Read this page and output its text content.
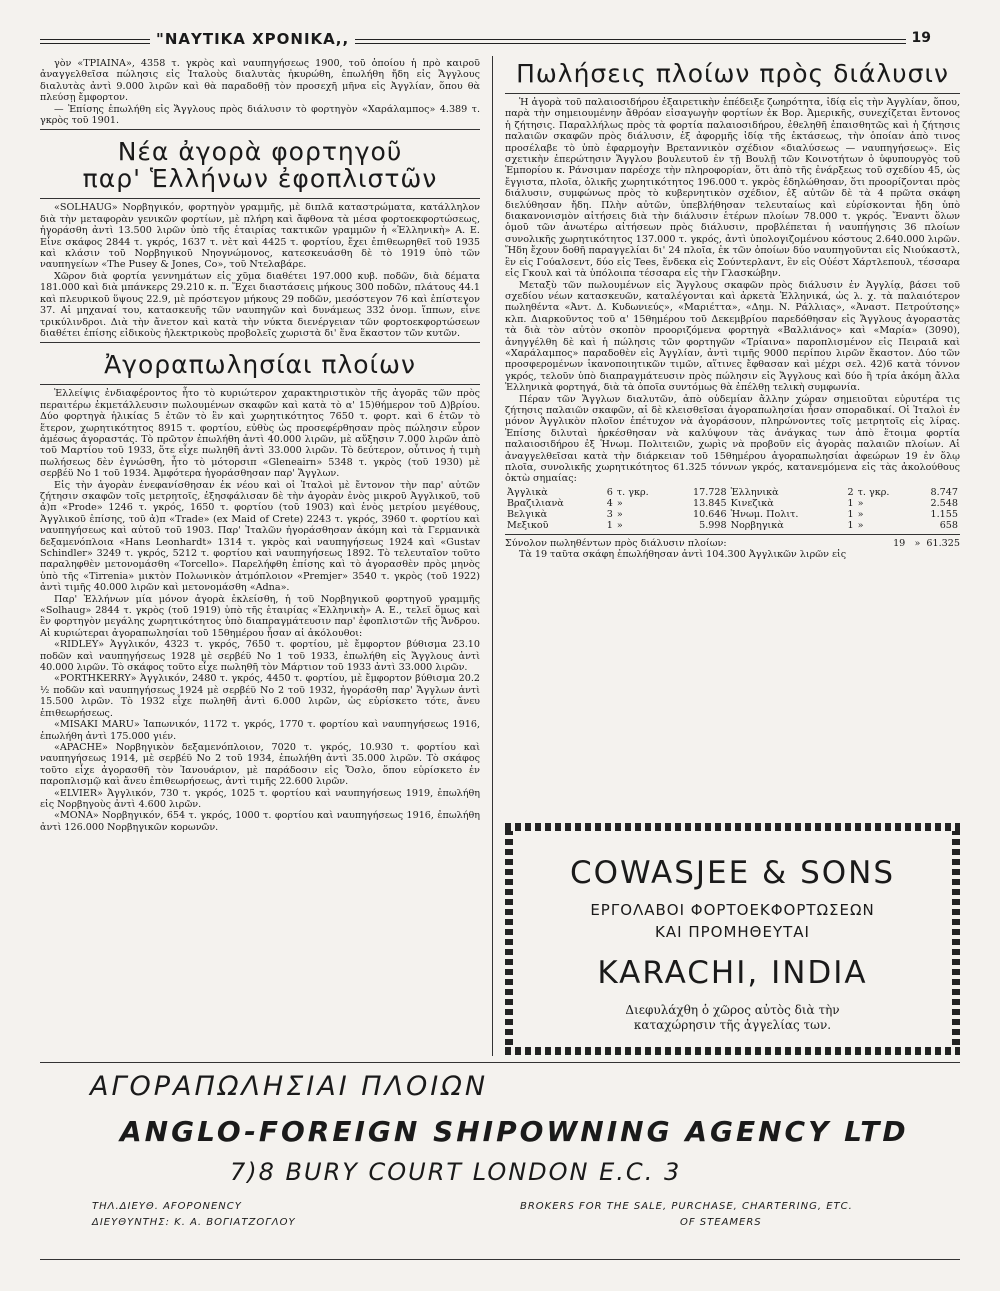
"ΝΑΥΤΙΚΑ ΧΡΟΝΙΚΑ,,	19

γὸν «ΤΡΙΑΙΝΑ», 4358 τ. γκρὸς καὶ ναυπηγήσεως 1900, τοῦ ὁποίου ἡ πρὸ καιροῦ ἀναγγελθεῖσα πώλησις εἰς Ἰταλοὺς διαλυτὰς ἠκυρώθη, ἐπωλήθη ἤδη εἰς Ἄγγλους διαλυτὰς ἀντὶ 9.000 λιρῶν καὶ θὰ παραδοθῇ τὸν προσεχῆ μῆνα εἰς Ἀγγλίαν, ὅπου θὰ πλεύσῃ ἔμφορτον.

— Ἐπίσης ἐπωλήθη εἰς Ἄγγλους πρὸς διάλυσιν τὸ φορτηγὸν «Χαράλαμπος» 4.389 τ. γκρὸς τοῦ 1901.

Νέα ἀγορὰ φορτηγοῦ
παρ' Ἑλλήνων ἐφοπλιστῶν

«SOLHAUG» Νορβηγικόν, φορτηγὸν γραμμῆς, μὲ διπλᾶ καταστρώματα, κατάλληλον διὰ τὴν μεταφορὰν γενικῶν φορτίων, μὲ πλήρη καὶ ἄφθονα τὰ μέσα φορτοεκφορτώσεως, ἠγοράσθη ἀντὶ 13.500 λιρῶν ὑπὸ τῆς ἑταιρίας τακτικῶν γραμμῶν ἡ «Ἑλληνικὴ» Α. Ε. Εἶνε σκάφος 2844 τ. γκρός, 1637 τ. νὲτ καὶ 4425 τ. φορτίου, ἔχει ἐπιθεωρηθεῖ τοῦ 1935 καὶ κλάσιν τοῦ Νορβηγικοῦ Νηογνώμονος, κατεσκευάσθη δὲ τὸ 1919 ὑπὸ τῶν ναυπηγείων «The Pusey & Jones, Co», τοῦ Ντελαβάρε.

Χῶρον διὰ φορτία γεννημάτων εἰς χῦμα διαθέτει 197.000 κυβ. ποδῶν, διὰ δέματα 181.000 καὶ διὰ μπάνκερς 29.210 κ. π. Ἔχει διαστάσεις μήκους 300 ποδῶν, πλάτους 44.1 καὶ πλευρικοῦ ὕψους 22.9, μὲ πρόστεγον μήκους 29 ποδῶν, μεσόστεγον 76 καὶ ἐπίστεγον 37. Αἱ μηχαναί του, κατασκευῆς τῶν ναυπηγῶν καὶ δυνάμεως 332 ὀνομ. ἵππων, εἶνε τρικύλινδροι. Διὰ τὴν ἄνετον καὶ κατὰ τὴν νύκτα διενέργειαν τῶν φορτοεκφορτώσεων διαθέτει ἐπίσης εἰδικοὺς ἠλεκτρικοὺς προβολεῖς χωριστὰ δι' ἕνα ἕκαστον τῶν κυτῶν.

Ἀγοραπωλησίαι πλοίων

Ἐλλείψις ἐνδιαφέροντος ἦτο τὸ κυριώτερον χαρακτηριστικὸν τῆς ἀγορᾶς τῶν πρὸς περαιτέρω ἐκμετάλλευσιν πωλουμένων σκαφῶν καὶ κατὰ τὸ α' 15)θήμερον τοῦ Δ)βρίου. Δύο φορτηγὰ ἡλικίας 5 ἐτῶν τὸ ἓν καὶ χωρητικότητος 7650 τ. φορτ. καὶ 6 ἐτῶν τὸ ἕτερον, χωρητικότητος 8915 τ. φορτίου, εὐθὺς ὡς προσεφέρθησαν πρὸς πώλησιν εὗρον ἀμέσως ἀγοραστάς. Τὸ πρῶτον ἐπωλήθη ἀντὶ 40.000 λιρῶν, μὲ αὔξησιν 7.000 λιρῶν ἀπὸ τοῦ Μαρτίου τοῦ 1933, ὅτε εἶχε πωληθῆ ἀντὶ 33.000 λιρῶν. Τὸ δεύτερον, οὗτινος ἡ τιμὴ πωλήσεως δὲν ἐγνώσθη, ἦτο τὸ μότορσιπ «Gleneairn» 5348 τ. γκρὸς (τοῦ 1930) μὲ σερβέϋ Νο 1 τοῦ 1934. Ἀμφότερα ἠγοράσθησαν παρ' Ἄγγλων.

Εἰς τὴν ἀγορὰν ἐνεφανίσθησαν ἐκ νέου καὶ οἱ Ἰταλοὶ μὲ ἔντονον τὴν παρ' αὐτῶν ζήτησιν σκαφῶν τοῖς μετρητοῖς, ἐξησφάλισαν δὲ τὴν ἀγορὰν ἑνὸς μικροῦ Ἀγγλικοῦ, τοῦ ἀ)π «Prode» 1246 τ. γκρός, 1650 τ. φορτίου (τοῦ 1903) καὶ ἑνὸς μετρίου μεγέθους, Ἀγγλικοῦ ἐπίσης, τοῦ ἀ)π «Trade» (ex Maid of Crete) 2243 τ. γκρός, 3960 τ. φορτίου καὶ ναυπηγήσεως καὶ αὐτοῦ τοῦ 1903. Παρ' Ἰταλῶν ἠγοράσθησαν ἀκόμη καὶ τὰ Γερμανικὰ δεξαμενόπλοια «Hans Leonhardt» 1314 τ. γκρὸς καὶ ναυπηγήσεως 1924 καὶ «Gustav Schindler» 3249 τ. γκρός, 5212 τ. φορτίου καὶ ναυπηγήσεως 1892. Τὸ τελευταῖον τοῦτο παραληφθὲν μετονομάσθη «Torcello». Παρελήφθη ἐπίσης καὶ τὸ ἀγορασθὲν πρὸς μηνὸς ὑπὸ τῆς «Tirrenia» μικτὸν Πολωνικὸν ἀτμόπλοιον «Premjer» 3540 τ. γκρὸς (τοῦ 1922) ἀντὶ τιμῆς 40.000 λιρῶν καὶ μετονομάσθη «Adna».

Παρ' Ἑλλήνων μία μόνον ἀγορὰ ἐκλείσθη, ἡ τοῦ Νορβηγικοῦ φορτηγοῦ γραμμῆς «Solhaug» 2844 τ. γκρὸς (τοῦ 1919) ὑπὸ τῆς ἑταιρίας «Ἑλληνικὴ» Α. Ε., τελεῖ ὅμως καὶ ἓν φορτηγὸν μεγάλης χωρητικότητος ὑπὸ διαπραγμάτευσιν παρ' ἐφοπλιστῶν τῆς Ἄνδρου. Αἱ κυριώτεραι ἀγοραπωλησίαι τοῦ 15θημέρου ἦσαν αἱ ἀκόλουθοι:

«RIDLEY» Ἀγγλικόν, 4323 τ. γκρός, 7650 τ. φορτίου, μὲ ἔμφορτον βύθισμα 23.10 ποδῶν καὶ ναυπηγήσεως 1928 μὲ σερβέϋ Νο 1 τοῦ 1933, ἐπωλήθη εἰς Ἄγγλους ἀντὶ 40.000 λιρῶν. Τὸ σκάφος τοῦτο εἶχε πωληθῆ τὸν Μάρτιον τοῦ 1933 ἀντὶ 33.000 λιρῶν.

«PORTHKERRY» Ἀγγλικόν, 2480 τ. γκρός, 4450 τ. φορτίου, μὲ ἔμφορτον βύθισμα 20.2 ½ ποδῶν καὶ ναυπηγήσεως 1924 μὲ σερβέϋ Νο 2 τοῦ 1932, ἠγοράσθη παρ' Ἄγγλων ἀντὶ 15.500 λιρῶν. Τὸ 1932 εἶχε πωληθῆ ἀντὶ 6.000 λιρῶν, ὡς εὑρίσκετο τότε, ἄνευ ἐπιθεωρήσεως.

«MISAKI MARU» Ἰαπωνικόν, 1172 τ. γκρός, 1770 τ. φορτίου καὶ ναυπηγήσεως 1916, ἐπωλήθη ἀντὶ 175.000 γιέν.

«APACHE» Νορβηγικὸν δεξαμενόπλοιον, 7020 τ. γκρός, 10.930 τ. φορτίου καὶ ναυπηγήσεως 1914, μὲ σερβέϋ Νο 2 τοῦ 1934, ἐπωλήθη ἀντὶ 35.000 λιρῶν. Τὸ σκάφος τοῦτο εἶχε ἀγορασθῆ τὸν Ἰανουάριον, μὲ παράδοσιν εἰς Ὄσλο, ὅπου εὑρίσκετο ἐν παροπλισμῷ καὶ ἄνευ ἐπιθεωρήσεως, ἀντὶ τιμῆς 22.600 λιρῶν.

«ELVIER» Ἀγγλικόν, 730 τ. γκρός, 1025 τ. φορτίου καὶ ναυπηγήσεως 1919, ἐπωλήθη εἰς Νορβηγοὺς ἀντὶ 4.600 λιρῶν.

«MONA» Νορβηγικόν, 654 τ. γκρός, 1000 τ. φορτίου καὶ ναυπηγήσεως 1916, ἐπωλήθη ἀντὶ 126.000 Νορβηγικῶν κορωνῶν.

Πωλήσεις πλοίων πρὸς διάλυσιν

Ἡ ἀγορὰ τοῦ παλαιοσιδήρου ἐξαιρετικὴν ἐπέδειξε ζωηρότητα, ἰδίᾳ εἰς τὴν Ἀγγλίαν, ὅπου, παρὰ τὴν σημειουμένην ἄθρόαν εἰσαγωγὴν φορτίων ἐκ Βορ. Ἀμερικῆς, συνεχίζεται ἔντονος ἡ ζήτησις. Παραλλήλως πρὸς τὰ φορτία παλαιοσιδήρου, ἐθεληθῆ ἐπαισθητῶς καὶ ἡ ζήτησις παλαιῶν σκαφῶν πρὸς διάλυσιν, ἐξ ἀφορμῆς ἰδίᾳ τῆς ἐκτάσεως, τὴν ὁποίαν ἀπὸ τινος προσέλαβε τὸ ὑπὸ ἐφαρμογὴν Βρεταννικὸν σχέδιον «διαλύσεως — ναυπηγήσεως». Εἰς σχετικὴν ἐπερώτησιν Ἄγγλου βουλευτοῦ ἐν τῇ Βουλῇ τῶν Κοινοτήτων ὁ ὑφυπουργὸς τοῦ Ἐμπορίου κ. Ράνσιμαν παρέσχε τὴν πληροφορίαν, ὅτι ἀπὸ τῆς ἐνάρξεως τοῦ σχεδίου 45, ὡς ἔγγιστα, πλοῖα, ὁλικῆς χωρητικότητος 196.000 τ. γκρὸς ἐδηλώθησαν, ὅτι προορίζονται πρὸς διάλυσιν, συμφώνως πρὸς τὸ κυβερνητικὸν σχέδιον, ἐξ αὐτῶν δὲ τὰ 4 πρῶτα σκάφη διελύθησαν ἤδη. Πλὴν αὐτῶν, ὑπεβλήθησαν τελευταίως καὶ εὑρίσκονται ἤδη ὑπὸ διακανονισμὸν αἰτήσεις διὰ τὴν διάλυσιν ἑτέρων πλοίων 78.000 τ. γκρός. Ἔναντι ὅλων ὁμοῦ τῶν ἀνωτέρω αἰτήσεων πρὸς διάλυσιν, προβλέπεται ἡ ναυπήγησις 36 πλοίων συνολικῆς χωρητικότητος 137.000 τ. γκρός, ἀντὶ ὑπολογιζομένου κόστους 2.640.000 λιρῶν. Ἤδη ἔχουν δοθῆ παραγγελίαι δι' 24 πλοῖα, ἐκ τῶν ὁποίων δύο ναυπηγοῦνται εἰς Νιούκαστλ, ἓν εἰς Γούαλσεντ, δύο εἰς Tees, ἕνδεκα εἰς Σούντερλαντ, ἓν εἰς Οὐέστ Χάρτλεπουλ, τέσσαρα εἰς Γκουλ καὶ τὰ ὑπόλοιπα τέσσαρα εἰς τὴν Γλασκώβην.

Μεταξὺ τῶν πωλουμένων εἰς Ἄγγλους σκαφῶν πρὸς διάλυσιν ἐν Ἀγγλίᾳ, βάσει τοῦ σχεδίου νέων κατασκευῶν, καταλέγονται καὶ ἀρκετὰ Ἑλληνικά, ὡς λ. χ. τὰ παλαιότερον πωληθέντα «Ἀντ. Δ. Κυδωνιεύς», «Μαριέττα», «Δημ. Ν. Ράλλιας», «Ἀναστ. Πετρούτσης» κλπ. Διαρκοῦντος τοῦ α' 15θημέρου τοῦ Δεκεμβρίου παρεδόθησαν εἰς Ἄγγλους ἀγοραστὰς τὰ διὰ τὸν αὐτὸν σκοπὸν προοριζόμενα φορτηγὰ «Βαλλιάνος» καὶ «Μαρία» (3090), ἀνηγγέλθη δὲ καὶ ἡ πώλησις τῶν φορτηγῶν «Τρίαινα» παροπλισμένον εἰς Πειραιᾶ καὶ «Χαράλαμπος» παραδοθὲν εἰς Ἀγγλίαν, ἀντὶ τιμῆς 9000 περίπου λιρῶν ἕκαστον. Δύο τῶν προσφερομένων ἱκανοποιητικῶν τιμῶν, αἵτινες ἔφθασαν καὶ μέχρι σελ. 42)6 κατὰ τόννον γκρός, τελοῦν ὑπὸ διαπραγμάτευσιν πρὸς πώλησιν εἰς Ἄγγλους καὶ δύο ἢ τρία ἀκόμη ἄλλα Ἑλληνικὰ φορτηγά, διὰ τὰ ὁποῖα συντόμως θὰ ἐπέλθῃ τελικὴ συμφωνία.

Πέραν τῶν Ἄγγλων διαλυτῶν, ἀπὸ οὐδεμίαν ἄλλην χώραν σημειοῦται εὐρυτέρα τις ζήτησις παλαιῶν σκαφῶν, αἱ δὲ κλεισθεῖσαι ἀγοραπωλησίαι ἦσαν σποραδικαί. Οἱ Ἰταλοὶ ἐν μόνον Ἀγγλικὸν πλοῖον ἐπέτυχον νὰ ἀγοράσουν, πληρώνοντες τοῖς μετρητοῖς εἰς λίρας. Ἐπίσης διλυταὶ ἠρκέσθησαν νὰ καλύψουν τὰς ἀνάγκας των ἀπὸ ἕτοιμα φορτία παλαιοσιδήρου ἐξ Ἡνωμ. Πολιτειῶν, χωρὶς νὰ προβοῦν εἰς ἀγορὰς παλαιῶν πλοίων. Αἱ ἀναγγελθεῖσαι κατὰ τὴν διάρκειαν τοῦ 15θημέρου ἀγοραπωλησίαι ἀφεώρων 19 ἐν ὅλῳ πλοῖα, συνολικῆς χωρητικότητος 61.325 τόννων γκρός, κατανεμόμενα εἰς τὰς ἀκολούθους ὀκτὼ σημαίας:

Ἀγγλικὰ	6	τ. γκρ.	17.728	Ἑλληνικὰ	2	τ. γκρ.	8.747
Βραζιλιανὰ	4	»	13.845	Κινεζικὰ	1	»	2.548
Βελγικὰ	3	»	10.646	Ἡνωμ. Πολιτ.	1	»	1.155
Μεξικοῦ	1	»	5.998	Νορβηγικὰ	1	»	658
Σύνολον πωληθέντων πρὸς διάλυσιν πλοίων:	19 » 61.325

Τὰ 19 ταῦτα σκάφη ἐπωλήθησαν ἀντὶ 104.300 Ἀγγλικῶν λιρῶν εἰς

COWASJEE & SONS
ΕΡΓΟΛΑΒΟΙ ΦΟΡΤΟΕΚΦΟΡΤΩΣΕΩΝ
ΚΑΙ ΠΡΟΜΗΘΕΥΤΑΙ
KARACHI, INDIA
Διεφυλάχθη ὁ χῶρος αὐτὸς διὰ τὴν
καταχώρησιν τῆς ἀγγελίας των.
ΑΓΟΡΑΠΩΛΗΣΙΑΙ ΠΛΟΙΩΝ
ANGLO-FOREIGN SHIPOWNING AGENCY LTD
7)8 BURY COURT LONDON E.C. 3
ΤΗΛ.ΔΙΕΥΘ. AFOPONENCY
ΔΙΕΥΘΥΝΤΗΣ: Κ. Α. ΒΟΓΙΑΤΖΟΓΛΟΥ
BROKERS FOR THE SALE, PURCHASE, CHARTERING, ETC.
OF STEAMERS
